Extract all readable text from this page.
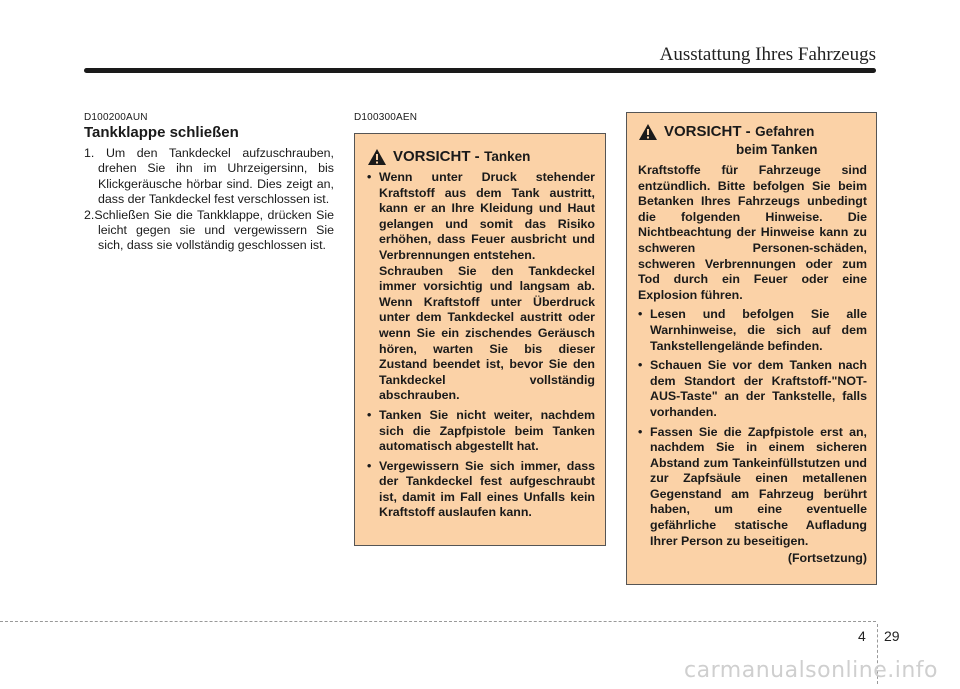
Ausstattung Ihres Fahrzeugs
D100200AUN
Tankklappe schließen
1. Um den Tankdeckel aufzuschrauben, drehen Sie ihn im Uhrzeigersinn, bis Klickgeräusche hörbar sind. Dies zeigt an, dass der Tankdeckel fest verschlossen ist.
2.Schließen Sie die Tankklappe, drücken Sie leicht gegen sie und vergewissern Sie sich, dass sie vollständig geschlossen ist.
D100300AEN
VORSICHT - Tanken
• Wenn unter Druck stehender Kraftstoff aus dem Tank austritt, kann er an Ihre Kleidung und Haut gelangen und somit das Risiko erhöhen, dass Feuer ausbricht und Verbrennungen entstehen.

Schrauben Sie den Tankdeckel immer vorsichtig und langsam ab. Wenn Kraftstoff unter Überdruck unter dem Tankdeckel austritt oder wenn Sie ein zischendes Geräusch hören, warten Sie bis dieser Zustand beendet ist, bevor Sie den Tankdeckel vollständig abschrauben.

• Tanken Sie nicht weiter, nachdem sich die Zapfpistole beim Tanken automatisch abgestellt hat.
• Vergewissern Sie sich immer, dass der Tankdeckel fest aufgeschraubt ist, damit im Fall eines Unfalls kein Kraftstoff auslaufen kann.
VORSICHT - Gefahren
beim Tanken

Kraftstoffe für Fahrzeuge sind entzündlich. Bitte befolgen Sie beim Betanken Ihres Fahrzeugs unbedingt die folgenden Hinweise. Die Nichtbeachtung der Hinweise kann zu schweren Personen-schäden, schweren Verbrennungen oder zum Tod durch ein Feuer oder eine Explosion führen.

• Lesen und befolgen Sie alle Warnhinweise, die sich auf dem Tankstellengelände befinden.
• Schauen Sie vor dem Tanken nach dem Standort der Kraftstoff-"NOT-AUS-Taste" an der Tankstelle, falls vorhanden.
• Fassen Sie die Zapfpistole erst an, nachdem Sie in einem sicheren Abstand zum Tankeinfüllstutzen und zur Zapfsäule einen metallenen Gegenstand am Fahrzeug berührt haben, um eine eventuelle gefährliche statische Aufladung Ihrer Person zu beseitigen.

(Fortsetzung)

4 29
carmanualsonline.info
